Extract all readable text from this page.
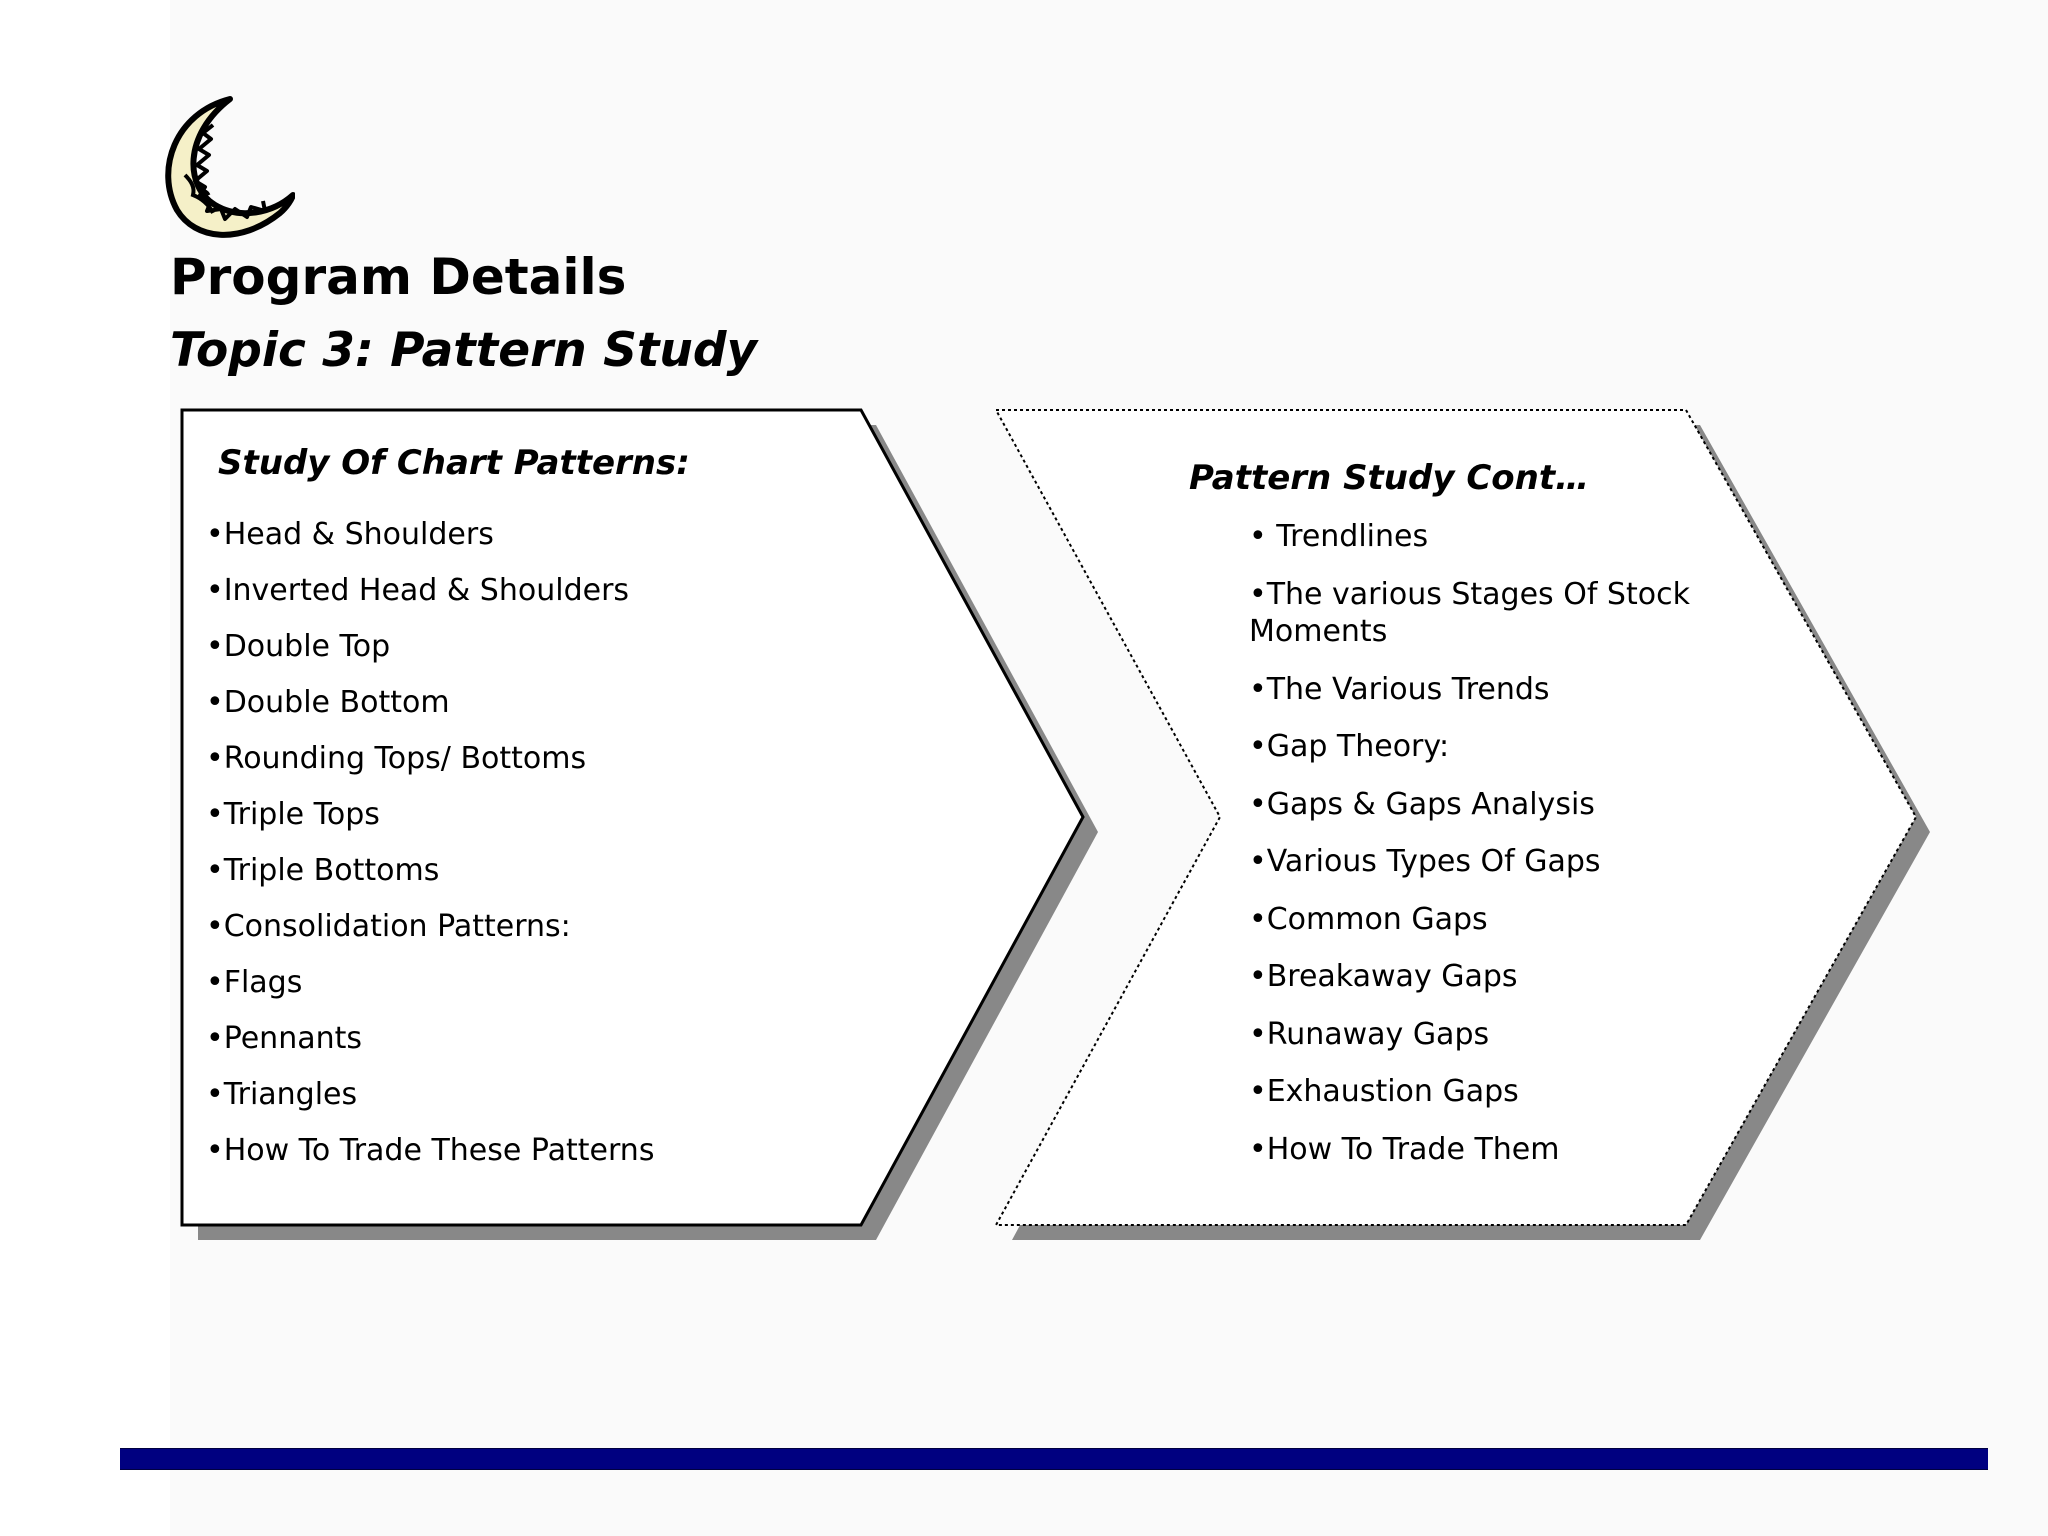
Program Details
Topic 3: Pattern Study
Study Of Chart Patterns:
•Head & Shoulders
•Inverted Head & Shoulders
•Double Top
•Double Bottom
•Rounding Tops/ Bottoms
•Triple Tops
•Triple Bottoms
•Consolidation Patterns:
•Flags
•Pennants
•Triangles
•How To Trade These Patterns
Pattern Study Cont…
• Trendlines
•The various Stages Of Stock Moments
•The Various Trends
•Gap Theory:
•Gaps & Gaps Analysis
•Various Types Of Gaps
•Common Gaps
•Breakaway Gaps
•Runaway Gaps
•Exhaustion Gaps
•How To Trade Them
